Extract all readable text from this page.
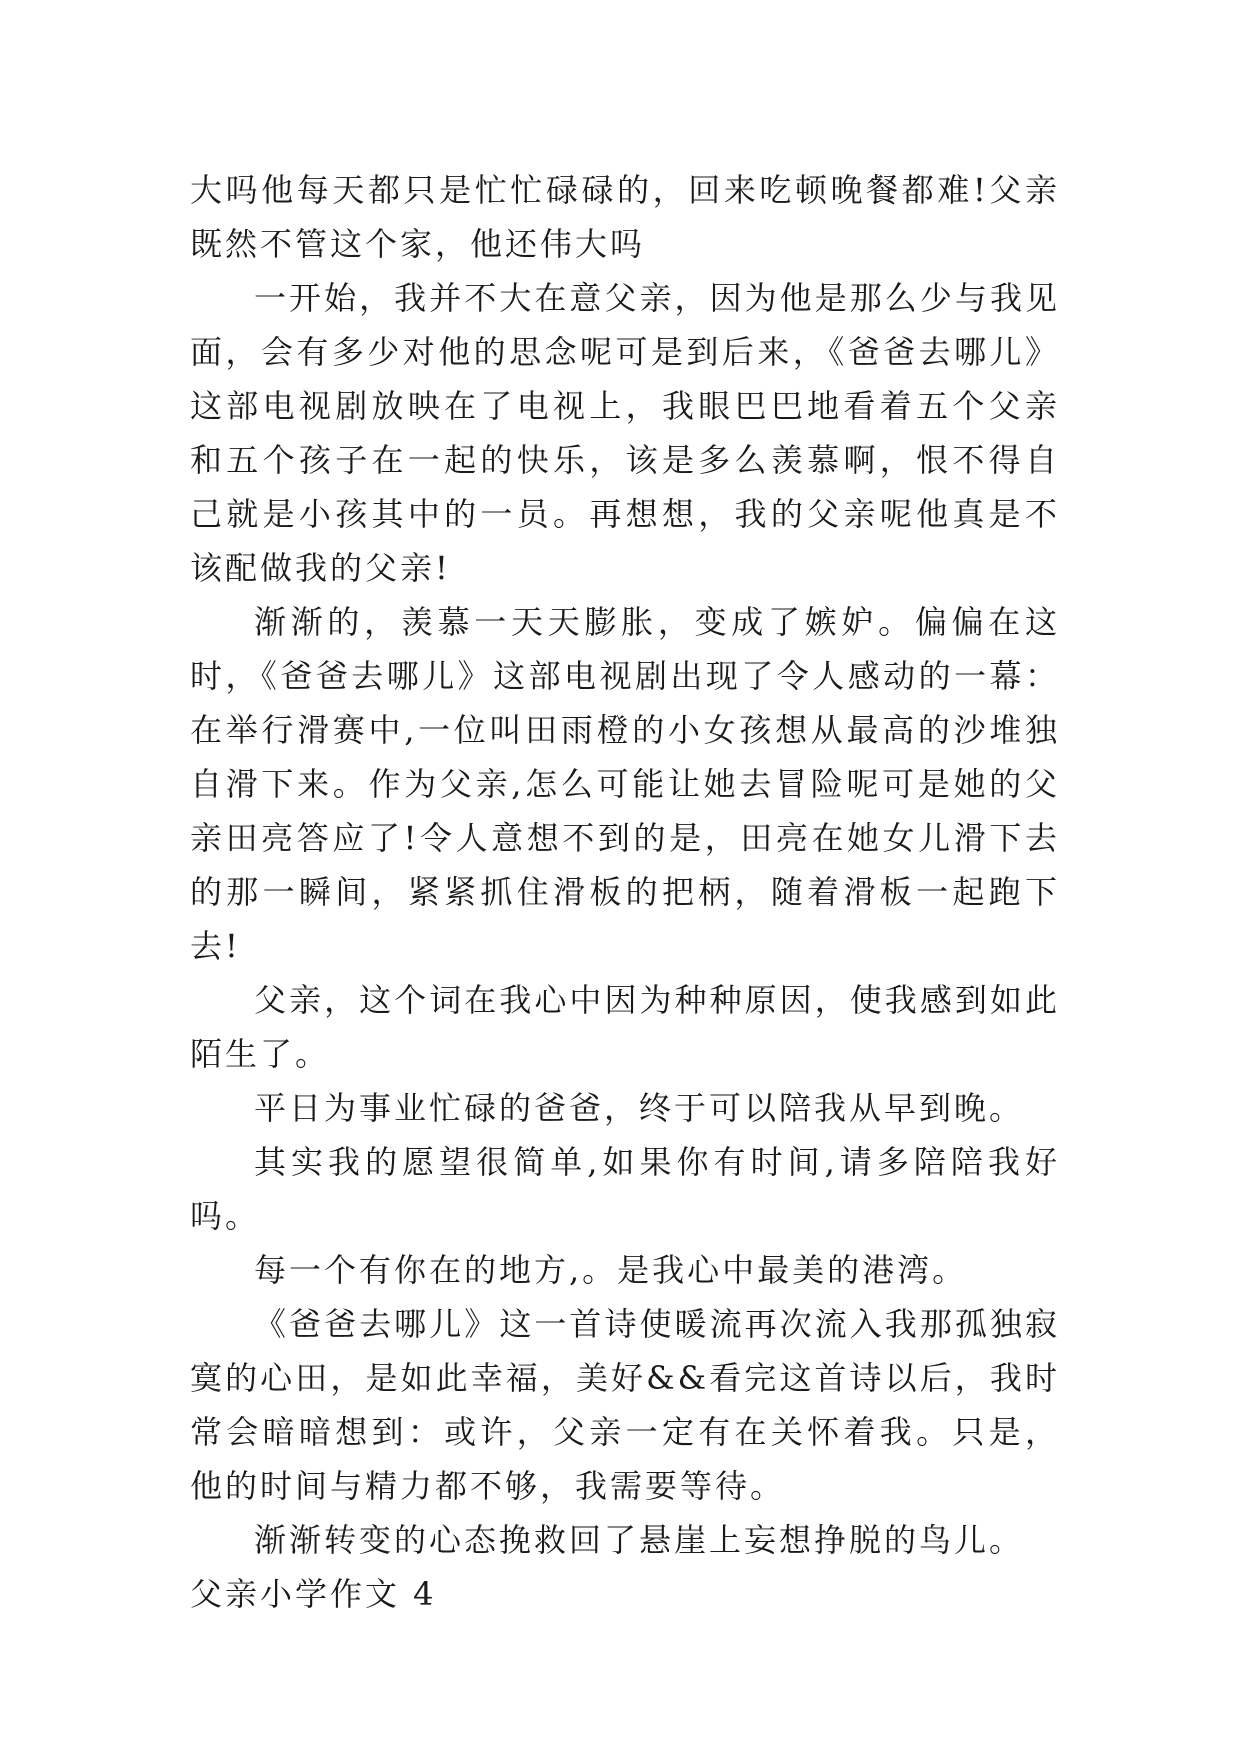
大吗他每天都只是忙忙碌碌的，回来吃顿晚餐都难!父亲既然不管这个家，他还伟大吗

一开始，我并不大在意父亲，因为他是那么少与我见面，会有多少对他的思念呢可是到后来，《爸爸去哪儿》这部电视剧放映在了电视上，我眼巴巴地看着五个父亲和五个孩子在一起的快乐，该是多么羡慕啊，恨不得自己就是小孩其中的一员。再想想，我的父亲呢他真是不该配做我的父亲!

渐渐的，羡慕一天天膨胀，变成了嫉妒。偏偏在这时，《爸爸去哪儿》这部电视剧出现了令人感动的一幕：在举行滑赛中,一位叫田雨橙的小女孩想从最高的沙堆独自滑下来。作为父亲,怎么可能让她去冒险呢可是她的父亲田亮答应了!令人意想不到的是，田亮在她女儿滑下去的那一瞬间，紧紧抓住滑板的把柄，随着滑板一起跑下去!

父亲，这个词在我心中因为种种原因，使我感到如此陌生了。

平日为事业忙碌的爸爸，终于可以陪我从早到晚。

其实我的愿望很简单,如果你有时间,请多陪陪我好吗。

每一个有你在的地方,。是我心中最美的港湾。

《爸爸去哪儿》这一首诗使暖流再次流入我那孤独寂寞的心田，是如此幸福，美好&&看完这首诗以后，我时常会暗暗想到：或许，父亲一定有在关怀着我。只是，他的时间与精力都不够，我需要等待。

渐渐转变的心态挽救回了悬崖上妄想挣脱的鸟儿。

父亲小学作文 4
